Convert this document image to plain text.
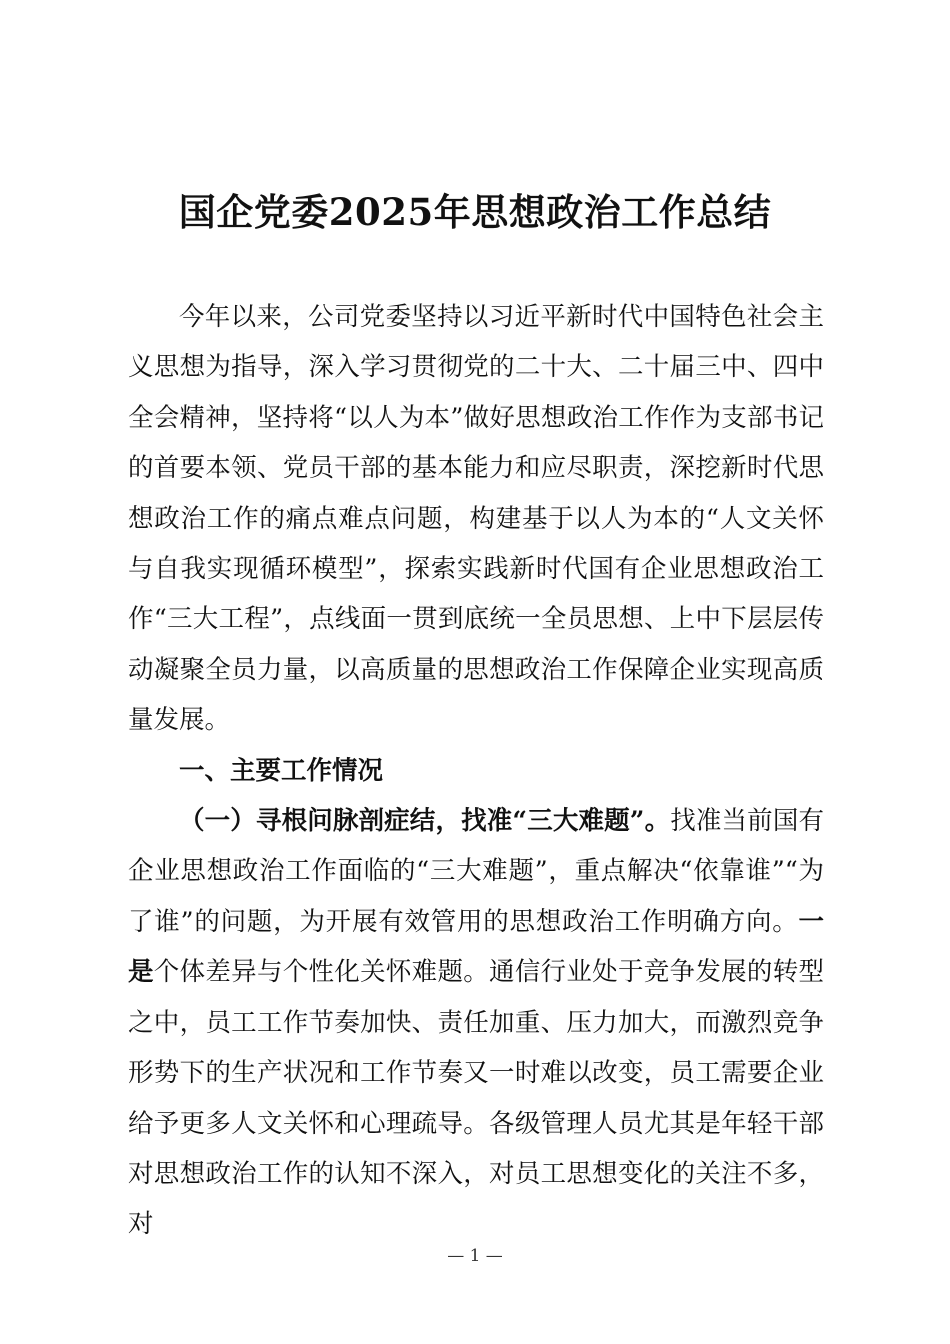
国企党委2025年思想政治工作总结

今年以来，公司党委坚持以习近平新时代中国特色社会主义思想为指导，深入学习贯彻党的二十大、二十届三中、四中全会精神，坚持将“以人为本”做好思想政治工作作为支部书记的首要本领、党员干部的基本能力和应尽职责，深挖新时代思想政治工作的痛点难点问题，构建基于以人为本的“人文关怀与自我实现循环模型”，探索实践新时代国有企业思想政治工作“三大工程”，点线面一贯到底统一全员思想、上中下层层传动凝聚全员力量，以高质量的思想政治工作保障企业实现高质量发展。

一、主要工作情况

（一）寻根问脉剖症结，找准“三大难题”。找准当前国有企业思想政治工作面临的“三大难题”，重点解决“依靠谁”“为了谁”的问题，为开展有效管用的思想政治工作明确方向。一是个体差异与个性化关怀难题。通信行业处于竞争发展的转型之中，员工工作节奏加快、责任加重、压力加大，而激烈竞争形势下的生产状况和工作节奏又一时难以改变，员工需要企业给予更多人文关怀和心理疏导。各级管理人员尤其是年轻干部对思想政治工作的认知不深入，对员工思想变化的关注不多，对

— 1 —
